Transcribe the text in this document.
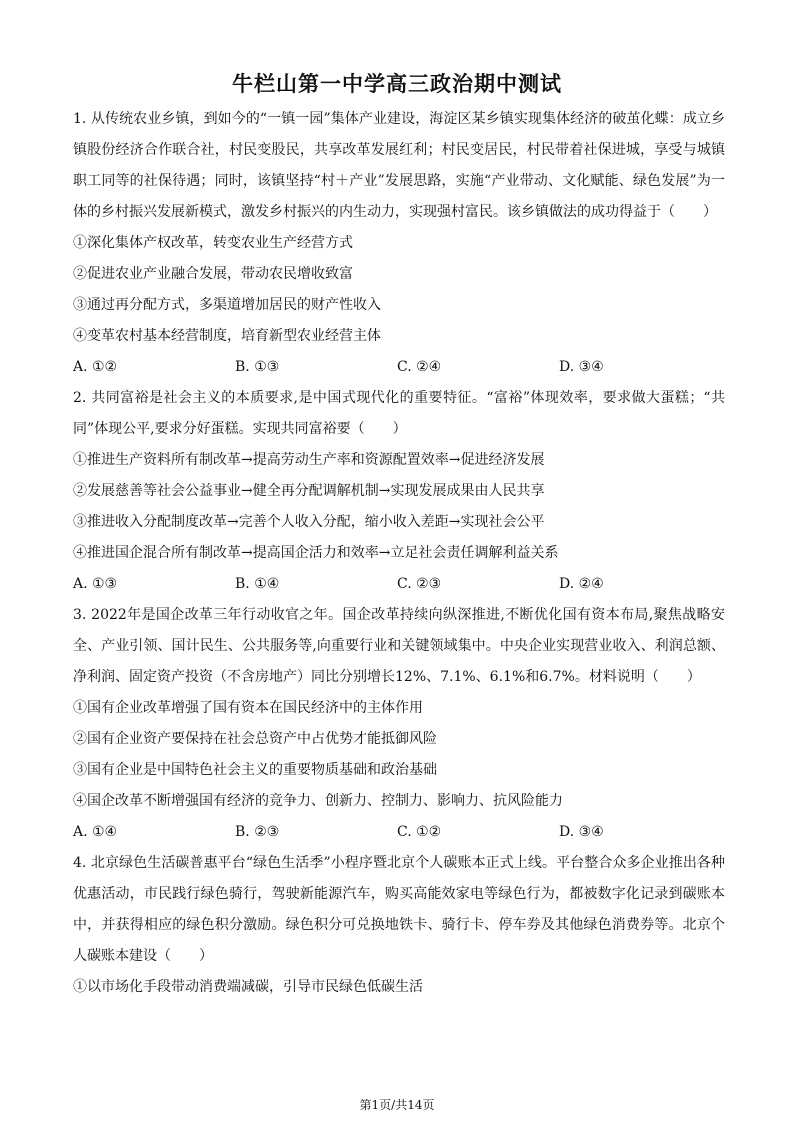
牛栏山第一中学高三政治期中测试

1. 从传统农业乡镇，到如今的“一镇一园”集体产业建设，海淀区某乡镇实现集体经济的破茧化蝶：成立乡镇股份经济合作联合社，村民变股民，共享改革发展红利；村民变居民，村民带着社保进城，享受与城镇职工同等的社保待遇；同时，该镇坚持“村＋产业”发展思路，实施“产业带动、文化赋能、绿色发展”为一体的乡村振兴发展新模式，激发乡村振兴的内生动力，实现强村富民。该乡镇做法的成功得益于（　　）

①深化集体产权改革，转变农业生产经营方式
②促进农业产业融合发展，带动农民增收致富
③通过再分配方式，多渠道增加居民的财产性收入
④变革农村基本经营制度，培育新型农业经营主体
A. ①②	B. ①③	C. ②④	D. ③④

2. 共同富裕是社会主义的本质要求,是中国式现代化的重要特征。“富裕”体现效率，要求做大蛋糕；“共同”体现公平,要求分好蛋糕。实现共同富裕要（　　）

①推进生产资料所有制改革→提高劳动生产率和资源配置效率→促进经济发展
②发展慈善等社会公益事业→健全再分配调解机制→实现发展成果由人民共享
③推进收入分配制度改革→完善个人收入分配，缩小收入差距→实现社会公平
④推进国企混合所有制改革→提高国企活力和效率→立足社会责任调解利益关系
A. ①③	B. ①④	C. ②③	D. ②④

3. 2022年是国企改革三年行动收官之年。国企改革持续向纵深推进,不断优化国有资本布局,聚焦战略安全、产业引领、国计民生、公共服务等,向重要行业和关键领域集中。中央企业实现营业收入、利润总额、净利润、固定资产投资（不含房地产）同比分别增长12%、7.1%、6.1%和6.7%。材料说明（　　）

①国有企业改革增强了国有资本在国民经济中的主体作用
②国有企业资产要保持在社会总资产中占优势才能抵御风险
③国有企业是中国特色社会主义的重要物质基础和政治基础
④国企改革不断增强国有经济的竞争力、创新力、控制力、影响力、抗风险能力
A. ①④	B. ②③	C. ①②	D. ③④

4. 北京绿色生活碳普惠平台“绿色生活季”小程序暨北京个人碳账本正式上线。平台整合众多企业推出各种优惠活动，市民践行绿色骑行，驾驶新能源汽车，购买高能效家电等绿色行为，都被数字化记录到碳账本中，并获得相应的绿色积分激励。绿色积分可兑换地铁卡、骑行卡、停车券及其他绿色消费券等。北京个人碳账本建设（　　）

①以市场化手段带动消费端减碳，引导市民绿色低碳生活
第1页/共14页
